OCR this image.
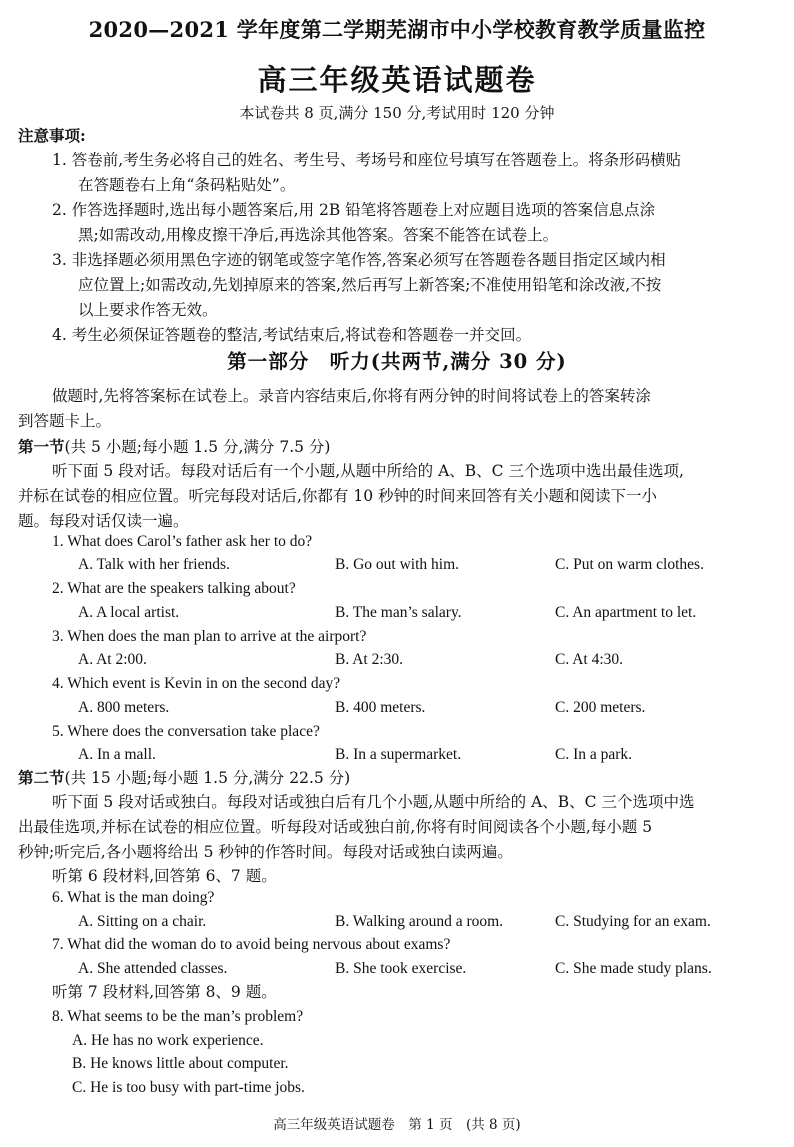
2020—2021 学年度第二学期芜湖市中小学校教育教学质量监控
高三年级英语试题卷
本试卷共 8 页,满分 150 分,考试用时 120 分钟
注意事项:
1. 答卷前,考生务必将自己的姓名、考生号、考场号和座位号填写在答题卷上。将条形码横贴
在答题卷右上角“条码粘贴处”。
2. 作答选择题时,选出每小题答案后,用 2B 铅笔将答题卷上对应题目选项的答案信息点涂
黑;如需改动,用橡皮擦干净后,再选涂其他答案。答案不能答在试卷上。
3. 非选择题必须用黑色字迹的钢笔或签字笔作答,答案必须写在答题卷各题目指定区域内相
应位置上;如需改动,先划掉原来的答案,然后再写上新答案;不准使用铅笔和涂改液,不按
以上要求作答无效。
4. 考生必须保证答题卷的整洁,考试结束后,将试卷和答题卷一并交回。
第一部分　听力(共两节,满分 30 分)
做题时,先将答案标在试卷上。录音内容结束后,你将有两分钟的时间将试卷上的答案转涂
到答题卡上。
第一节(共 5 小题;每小题 1.5 分,满分 7.5 分)
听下面 5 段对话。每段对话后有一个小题,从题中所给的 A、B、C 三个选项中选出最佳选项,
并标在试卷的相应位置。听完每段对话后,你都有 10 秒钟的时间来回答有关小题和阅读下一小
题。每段对话仅读一遍。
1. What does Carol’s father ask her to do?
A. Talk with her friends.	B. Go out with him.	C. Put on warm clothes.
2. What are the speakers talking about?
A. A local artist.	B. The man’s salary.	C. An apartment to let.
3. When does the man plan to arrive at the airport?
A. At 2:00.	B. At 2:30.	C. At 4:30.
4. Which event is Kevin in on the second day?
A. 800 meters.	B. 400 meters.	C. 200 meters.
5. Where does the conversation take place?
A. In a mall.	B. In a supermarket.	C. In a park.
第二节(共 15 小题;每小题 1.5 分,满分 22.5 分)
听下面 5 段对话或独白。每段对话或独白后有几个小题,从题中所给的 A、B、C 三个选项中选
出最佳选项,并标在试卷的相应位置。听每段对话或独白前,你将有时间阅读各个小题,每小题 5
秒钟;听完后,各小题将给出 5 秒钟的作答时间。每段对话或独白读两遍。
听第 6 段材料,回答第 6、7 题。
6. What is the man doing?
A. Sitting on a chair.	B. Walking around a room.	C. Studying for an exam.
7. What did the woman do to avoid being nervous about exams?
A. She attended classes.	B. She took exercise.	C. She made study plans.
听第 7 段材料,回答第 8、9 题。
8. What seems to be the man’s problem?
A. He has no work experience.
B. He knows little about computer.
C. He is too busy with part-time jobs.
高三年级英语试题卷　第 1 页　(共 8 页)
